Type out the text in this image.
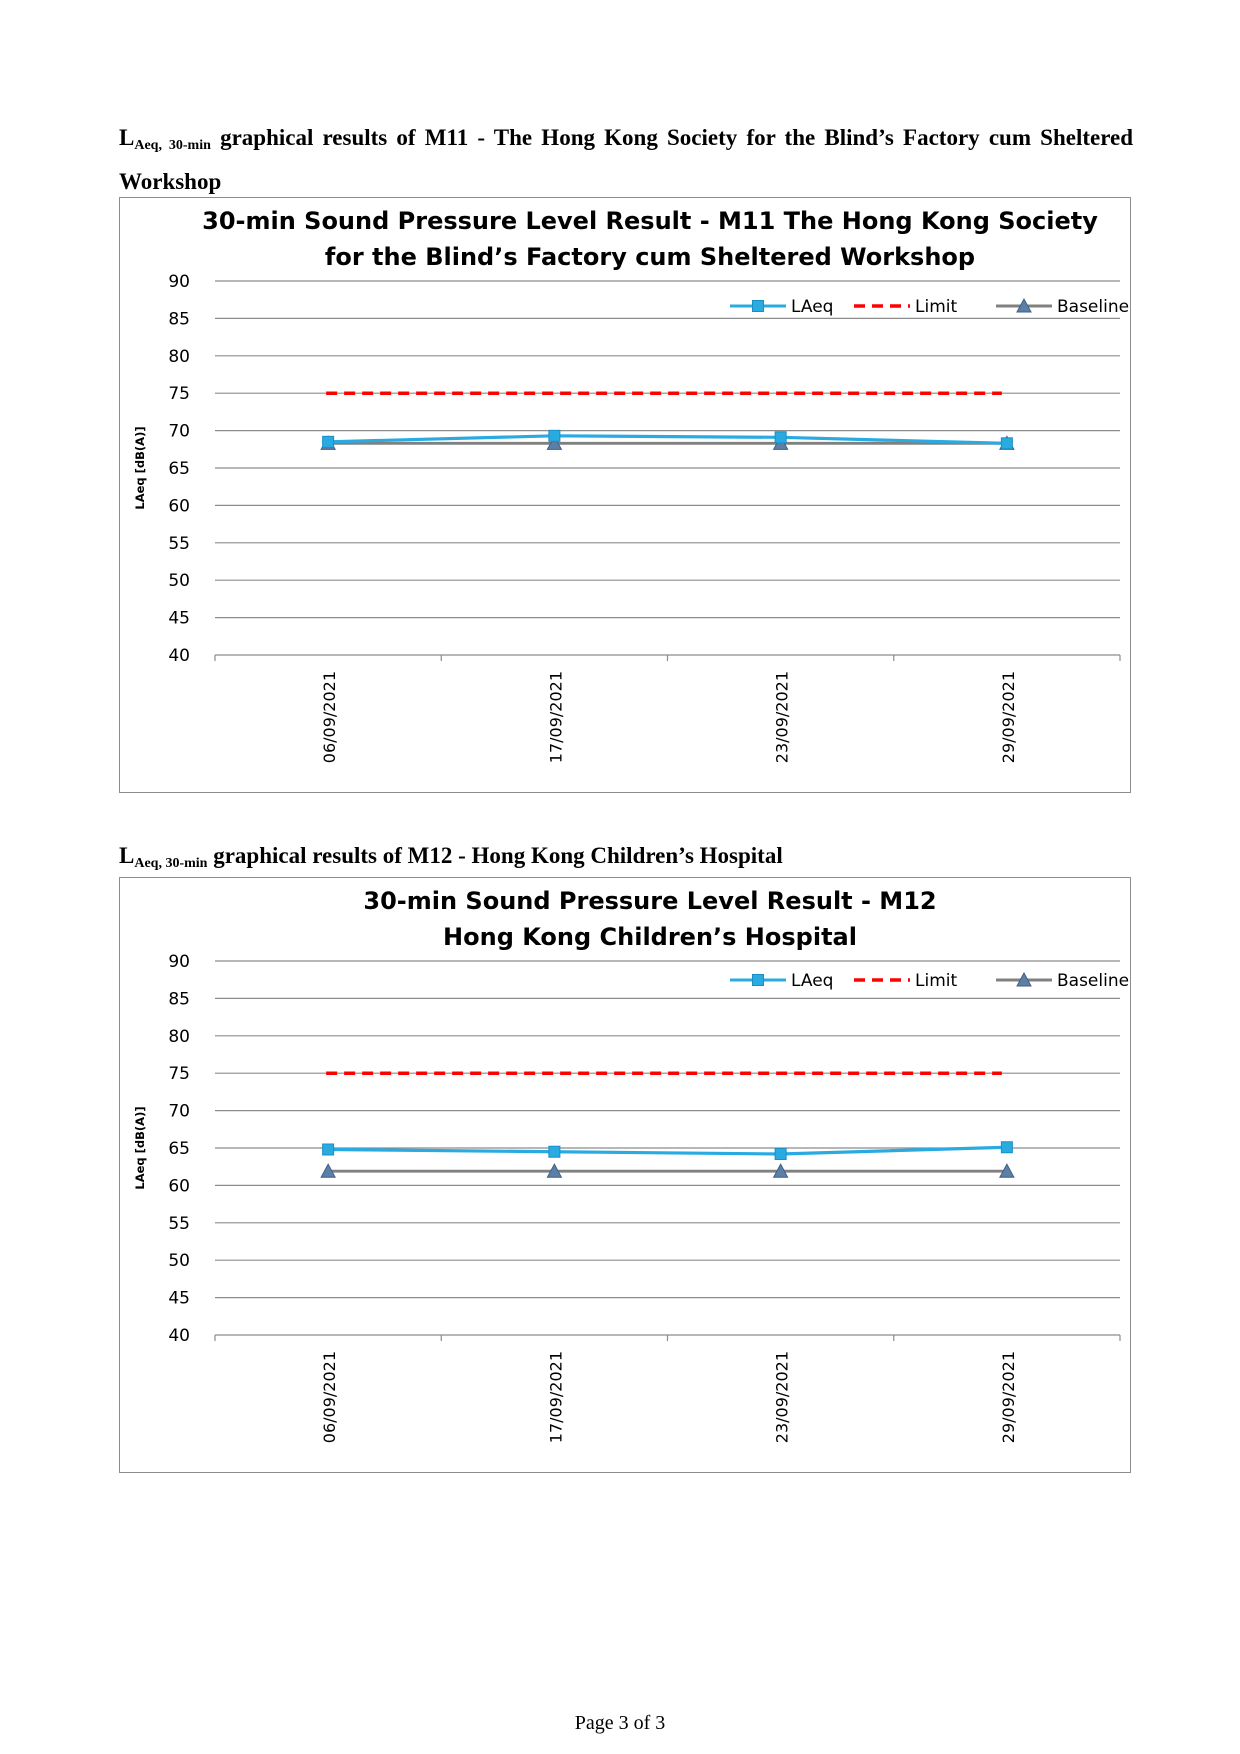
$L_{Aeq, 30-min}$ graphical results of M11 - The Hong Kong Society for the Blind’s Factory cum Sheltered Workshop
30-min Sound Pressure Level Result - M11 The Hong Kong Society
for the Blind’s Factory cum Sheltered Workshop
40
45
50
55
60
65
70
75
80
85
90
LAeq [dB(A)]
06/09/2021	17/09/2021	23/09/2021	29/09/2021
LAeq	Limit	Baseline
$L_{Aeq, 30-min}$ graphical results of M12 - Hong Kong Children’s Hospital
30-min Sound Pressure Level Result - M12
Hong Kong Children’s Hospital
40
45
50
55
60
65
70
75
80
85
90
LAeq [dB(A)]
06/09/2021	17/09/2021	23/09/2021	29/09/2021
LAeq	Limit	Baseline
Page 3 of 3
